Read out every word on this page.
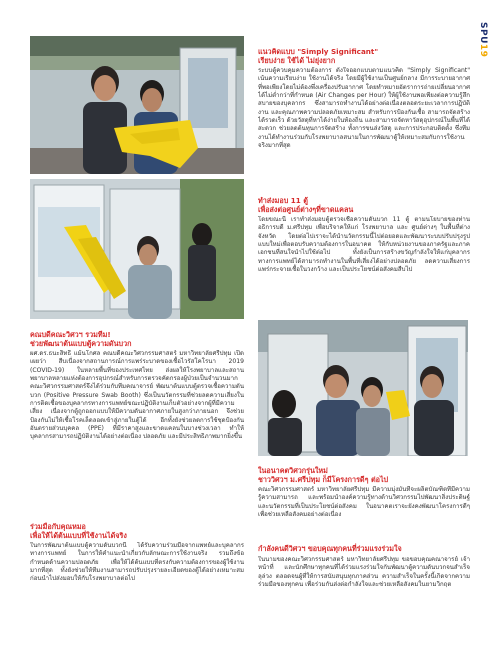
SPU19
แนวคิดแบบ "Simply Significant"
เรียบง่าย ใช้ได้ ไม่ยุ่งยาก
ระบบตู้ควบคุมความต้องการ ตั้งใจออกแบบตามแนวคิด "Simply Significant" เน้นความเรียบง่าย ใช้งานได้จริง โดยมีผู้ใช้งานเป็นศูนย์กลาง มีการระบายอากาศที่พอเพียงโดยไม่ต้องพึ่งเครื่องปรับอากาศ โดยทำหมายอัตราการถ่ายเปลี่ยนอากาศได้ไม่ต่ำกว่าที่กำหนด (Air Changes per Hour) ให้ผู้ใช้งานพอเพียงต่อความรู้สึกสบายของบุคลากร ซึ่งสามารถทำงานได้อย่างต่อเนื่องตลอดระยะเวลาการปฏิบัติงาน และคุณภาพความปลอดภัยเหมาะสม สำหรับการป้องกันเชื้อ สามารถจัดสร้างได้รวดเร็ว ด้วยวัสดุที่หาได้ง่ายในท้องถิ่น และสามารถจัดหาวัสดุอุปกรณ์ในพื้นที่ได้สะดวก ช่วยลดต้นทุนการจัดสร้าง ทั้งการขนส่งวัสดุ และการประกอบติดตั้ง ซึ่งทีมงานได้ทำงานร่วมกับโรงพยาบาลสนามในการพัฒนาตู้ให้เหมาะสมกับการใช้งานจริงมากที่สุด
ทำส่งมอบ 11 ตู้
เพื่อส่งต่อศูนย์ต่างๆที่ขาดแคลน
โดยขณะนี้ เราทำส่งมอบตู้ตรวจเชื้อความดันบวก 11 ตู้ ตามนโยบายของท่านอธิการบดี ม.ศรีปทุม เพื่อบริจาคให้แก่ โรงพยาบาล และ ศูนย์ต่างๆ ในพื้นที่ต่างจังหวัด โดยต่อไปเราจะได้นำนวัตกรรมนี้ไปต่อยอดและพัฒนาระบบปรับปรุงรูปแบบใหม่เพื่อตอบรับความต้องการในอนาคต ให้กับหน่วยงานของภาครัฐและภาคเอกชนที่สนใจนำไปใช้ต่อไป ทั้งยังเป็นการสร้างขวัญกำลังใจให้แก่บุคลากรทางการแพทย์ได้สามารถทำงานในพื้นที่เสี่ยงได้อย่างปลอดภัย ลดความเสี่ยงการแพร่กระจายเชื้อในวงกว้าง และเป็นประโยชน์ต่อสังคมสืบไป
คณบดีคณะวิศวฯ รวมทีม!
ช่วยพัฒนาต้นแบบตู้ความดันบวก
ผศ.ดร.ธนะสิทธิ์ แม้นโกศล คณบดีคณะวิศวกรรมศาสตร์ มหาวิทยาลัยศรีปทุม เปิดเผยว่า สืบเนื่องจากสถานการณ์การแพร่ระบาดของเชื้อไวรัสโคโรนา 2019 (COVID-19) ในหลายพื้นที่ของประเทศไทย ส่งผลให้โรงพยาบาลและสถานพยาบาลหลายแห่งต้องการอุปกรณ์สำหรับการตรวจคัดกรองผู้ป่วยเป็นจำนวนมาก คณะวิศวกรรมศาสตร์จึงได้ร่วมกับทีมคณาจารย์ พัฒนาต้นแบบตู้ตรวจเชื้อความดันบวก (Positive Pressure Swab Booth) ซึ่งเป็นนวัตกรรมที่ช่วยลดความเสี่ยงในการติดเชื้อของบุคลากรทางการแพทย์ขณะปฏิบัติงานเก็บตัวอย่างจากผู้ที่มีความเสี่ยง เนื่องจากตู้ถูกออกแบบให้มีความดันอากาศภายในสูงกว่าภายนอก จึงช่วยป้องกันไม่ให้เชื้อโรคเล็ดลอดเข้าสู่ภายในตู้ได้ อีกทั้งยังช่วยลดการใช้ชุดป้องกันอันตรายส่วนบุคคล (PPE) ที่มีราคาสูงและขาดแคลนในบางช่วงเวลา ทำให้บุคลากรสามารถปฏิบัติงานได้อย่างต่อเนื่อง ปลอดภัย และมีประสิทธิภาพมากยิ่งขึ้น
ร่วมมือกับคุณหมอ
เพื่อให้ได้ต้นแบบที่ใช้งานได้จริง
ในการพัฒนาต้นแบบตู้ความดันบวกนี้ ได้รับความร่วมมือจากแพทย์และบุคลากรทางการแพทย์ ในการให้คำแนะนำเกี่ยวกับลักษณะการใช้งานจริง รวมถึงข้อกำหนดด้านความปลอดภัย เพื่อให้ได้ต้นแบบที่ตรงกับความต้องการของผู้ใช้งานมากที่สุด ทั้งยังช่วยให้ทีมงานสามารถปรับปรุงรายละเอียดของตู้ได้อย่างเหมาะสม ก่อนนำไปส่งมอบให้กับโรงพยาบาลต่อไป
ในอนาคตวิศวกรุ่นใหม่
ชาววิศวฯ ม.ศรีปทุม ก็มีโครงการดีๆ ต่อไป
คณะวิศวกรรมศาสตร์ มหาวิทยาลัยศรีปทุม มีความมุ่งมั่นที่จะผลิตบัณฑิตที่มีความรู้ความสามารถ และพร้อมนำองค์ความรู้ทางด้านวิศวกรรมไปพัฒนาสิ่งประดิษฐ์และนวัตกรรมที่เป็นประโยชน์ต่อสังคม ในอนาคตเราจะยังคงพัฒนาโครงการดีๆ เพื่อช่วยเหลือสังคมอย่างต่อเนื่อง
กำลังคนดีวิศวฯ ขอบคุณทุกคนที่ร่วมแรงร่วมใจ
ในนามของคณะวิศวกรรมศาสตร์ มหาวิทยาลัยศรีปทุม ขอขอบคุณคณาจารย์ เจ้าหน้าที่ และนักศึกษาทุกคนที่ได้ร่วมแรงร่วมใจกันพัฒนาตู้ความดันบวกจนสำเร็จลุล่วง ตลอดจนผู้ที่ให้การสนับสนุนทุกภาคส่วน ความสำเร็จในครั้งนี้เกิดจากความร่วมมือของทุกคน เพื่อร่วมกันส่งต่อกำลังใจและช่วยเหลือสังคมในยามวิกฤต
